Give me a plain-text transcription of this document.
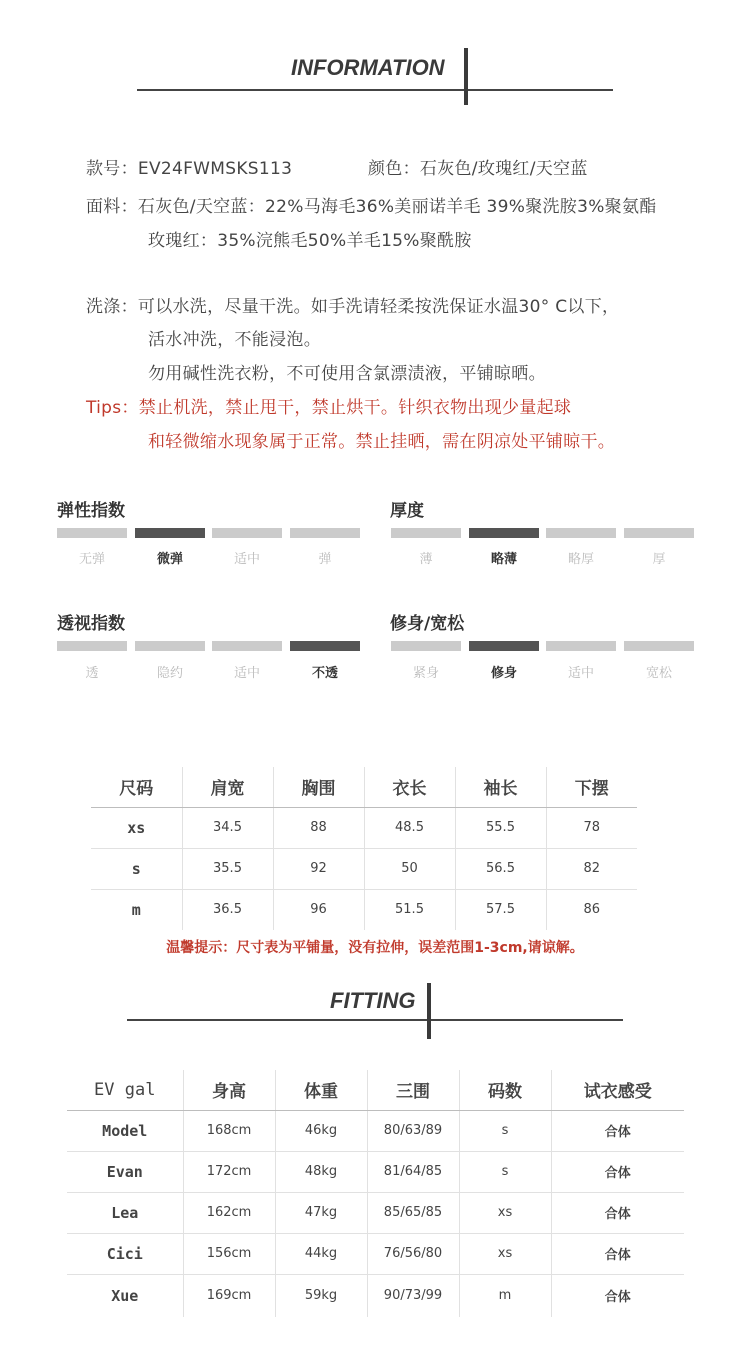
INFORMATION
款号：EV24FWMSKS113	颜色：石灰色/玫瑰红/天空蓝
面料：石灰色/天空蓝：22%马海毛36%美丽诺羊毛 39%聚洗胺3%聚氨酯
玫瑰红：35%浣熊毛50%羊毛15%聚酰胺
洗涤：可以水洗，尽量干洗。如手洗请轻柔按洗保证水温30° C以下，
活水冲洗，不能浸泡。
勿用碱性洗衣粉，不可使用含氯漂渍液，平铺晾晒。
Tips：禁止机洗，禁止甩干，禁止烘干。针织衣物出现少量起球
和轻微缩水现象属于正常。禁止挂晒，需在阴凉处平铺晾干。
弹性指数
无弹	微弹	适中	弹
厚度
薄	略薄	略厚	厚
透视指数
透	隐约	适中	不透
修身/宽松
紧身	修身	适中	宽松
尺码	肩宽	胸围	衣长	袖长	下摆
xs	34.5	88	48.5	55.5	78
s	35.5	92	50	56.5	82
m	36.5	96	51.5	57.5	86
温馨提示：尺寸表为平铺量，没有拉伸，误差范围1-3cm,请谅解。
FITTING
EV gal	身高	体重	三围	码数	试衣感受
Model	168cm	46kg	80/63/89	s	合体
Evan	172cm	48kg	81/64/85	s	合体
Lea	162cm	47kg	85/65/85	xs	合体
Cici	156cm	44kg	76/56/80	xs	合体
Xue	169cm	59kg	90/73/99	m	合体
